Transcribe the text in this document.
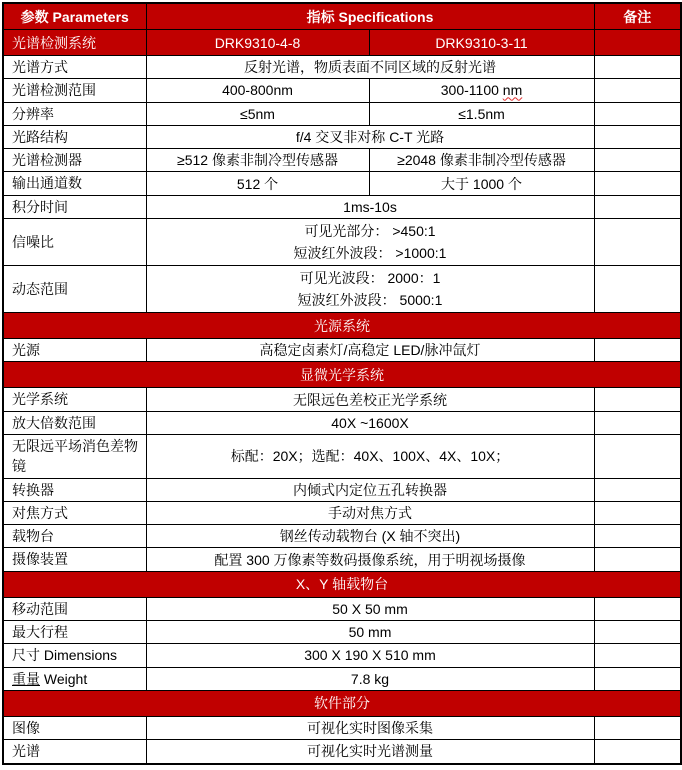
参数 Parameters	指标 Specifications		备注
光谱检测系统	DRK9310-4-8	DRK9310-3-11	
光谱方式	反射光谱，物质表面不同区域的反射光谱		
光谱检测范围	400-800nm	300-1100 nm	
分辨率	≤5nm	≤1.5nm	
光路结构	f/4 交叉非对称 C-T 光路		
光谱检测器	≥512 像素非制冷型传感器	≥2048 像素非制冷型传感器	
输出通道数	512 个	大于 1000 个	
积分时间	1ms-10s		
信噪比	可见光部分： >450:1
短波红外波段： >1000:1		

动态范围	可见光波段： 2000：1
短波红外波段： 5000:1		

光源系统			
光源	高稳定卤素灯/高稳定 LED/脉冲氙灯		
显微光学系统			
光学系统	无限远色差校正光学系统		
放大倍数范围	40X ~1600X		
无限远平场消色差物镜	标配：20X；选配：40X、100X、4X、10X；		
转换器	内倾式内定位五孔转换器		
对焦方式	手动对焦方式		
载物台	钢丝传动载物台 (X 轴不突出)		
摄像装置	配置 300 万像素等数码摄像系统，用于明视场摄像		
X、Y 轴载物台			
移动范围	50 X 50 mm		
最大行程	50 mm		
尺寸 Dimensions	300 X 190 X 510 mm		
重量 Weight	7.8 kg		
软件部分			
图像	可视化实时图像采集		
光谱	可视化实时光谱测量		
